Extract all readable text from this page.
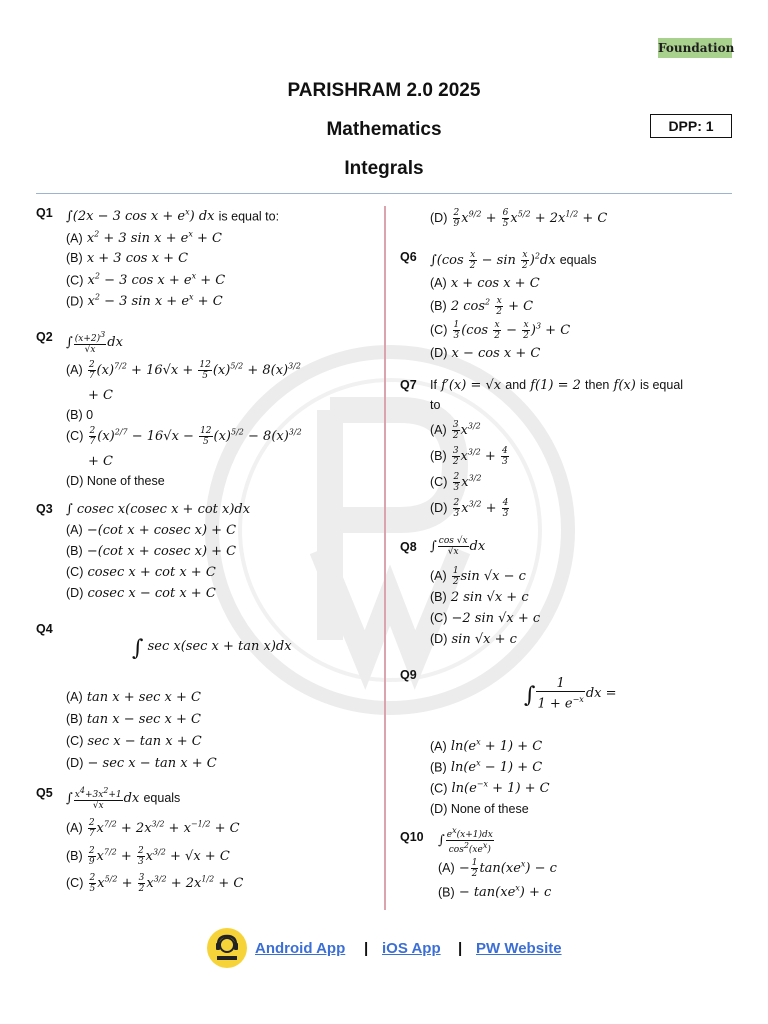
Foundation
PARISHRAM 2.0 2025
Mathematics
Integrals
DPP: 1
Q1 ∫(2x − 3 $\cos x + e^x$) dx is equal to:
(A) $x^2 + 3$ $\sin x + e^x + C$
(B) x + 3 cos x + C
(C) $x^2 - 3$ $\cos x + e^x + C$
(D) $x^2 - 3$ $\sin x + e^x + C$
Q2 ∫ $\frac{(x+2)^3}{√x}$ dx
$(A) \frac{2}{7} (x)^{7/2} + 16√x + \frac{12}{5} (x)^{5/2} + 8(x)^{3/2}$
+ C
(B) 0
$(C) \frac{2}{7} (x)^{2/7} - 16√x - \frac{12}{5} (x)^{5/2} - 8(x)^{3/2}$
+ C
(D) None of these
Q3 ∫ cosec x(cosec x + cot x)dx
(A) −(cot x + cosec x) + C
(B) −(cot x + cosec x) + C
(C) cosec x + cot x + C
(D) cosec x − cot x + C
Q4
∫ sec x(sec x + tan x)dx
(A) tan x + sec x + C
(B) tan x − sec x + C
(C) sec x − tan x + C
(D) − sec x − tan x + C
Q5 ∫ $\frac{x^4+3x^2+1}{√x}$ dx equals
$(A) \frac{2}{7} x^{7/2} + 2x^{3/2} + x^{-1/2} + C$
$(B) \frac{2}{9} x^{7/2} + \frac{2}{3} x^{3/2} + √x + C$
$(C) \frac{2}{5} x^{5/2} + \frac{3}{2} x^{3/2} + 2x^{1/2} + C$
$(D) \frac{2}{9} x^{9/2} + \frac{6}{5} x^{5/2} + 2x^{1/2} + C$
Q6 $\int(\cos \frac{x}{2} - \sin \frac{x}{2} )^2dx$ equals
(A) x + cos x + C
(B) 2 $\cos^2 \frac{x}{2} + C$
$(C) \frac{1}{3} (\cos \frac{x}{2} - \frac{x}{2} )^3 + C$
(D) x − cos x + C
Q7 If f′(x) = √x and f(1) = 2 then f(x) is equal
to
$(A) \frac{3}{2} x^{3/2}$
$(B) \frac{3}{2} x^{3/2} + \frac{4}{3}$
$(C) \frac{2}{3} x^{3/2}$
$(D) \frac{2}{3} x^{3/2} + \frac{4}{3}$
Q8 ∫ $\frac{\cos √x}{√x}$ dx
$(A) \frac{1}{2}$ sin √x − c
(B) 2 sin √x + c
(C) −2 sin √x + c
(D) sin √x + c
Q9
∫ $\frac{1}{1 + e^{-x}}$ dx =
(A) $\ln(e^x + 1) + C$
(B) $\ln(e^x - 1) + C$
(C) $\ln(e^{-x} + 1) + C$
(D) None of these
Q10 ∫ $\frac{e^x(x+1)dx}{\cos^2(xe^x)}$
$(A) - \frac{1}{2} \tan(xe^x) - c$
$(B) - \tan(xe^x) + c$
Android App | iOS App | PW Website
